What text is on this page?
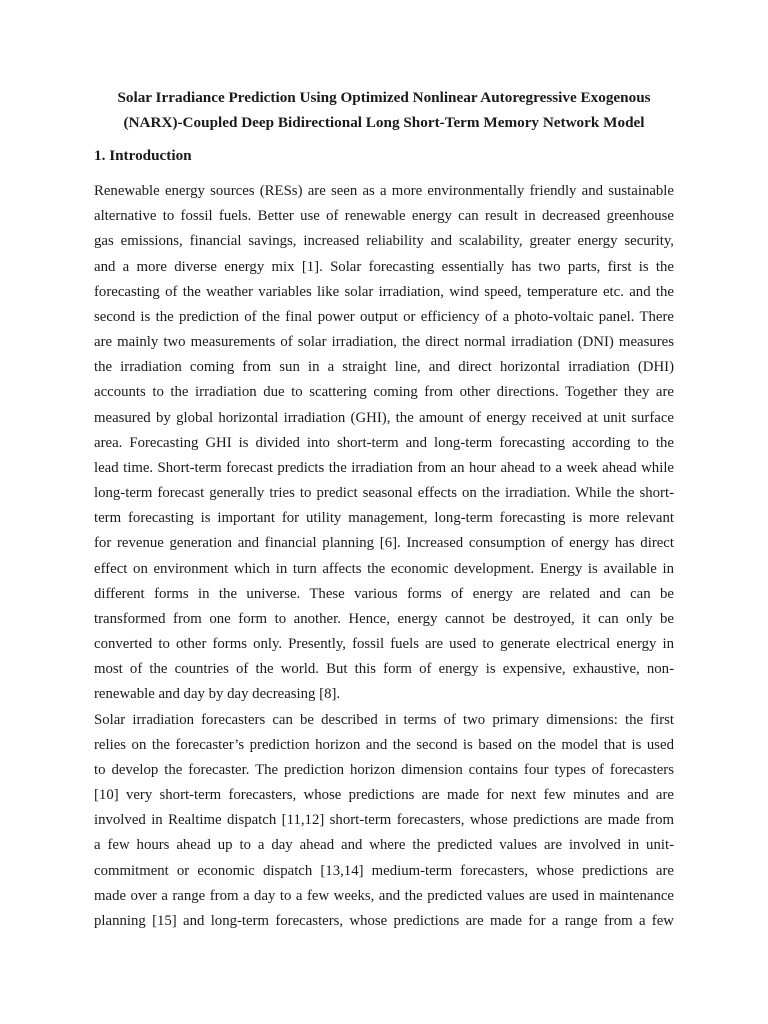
Solar Irradiance Prediction Using Optimized Nonlinear Autoregressive Exogenous
(NARX)-Coupled Deep Bidirectional Long Short-Term Memory Network Model
1. Introduction
Renewable energy sources (RESs) are seen as a more environmentally friendly and sustainable
alternative to fossil fuels. Better use of renewable energy can result in decreased greenhouse
gas emissions, financial savings, increased reliability and scalability, greater energy security,
and a more diverse energy mix [1]. Solar forecasting essentially has two parts, first is the
forecasting of the weather variables like solar irradiation, wind speed, temperature etc. and the
second is the prediction of the final power output or efficiency of a photo-voltaic panel. There
are mainly two measurements of solar irradiation, the direct normal irradiation (DNI) measures
the irradiation coming from sun in a straight line, and direct horizontal irradiation (DHI)
accounts to the irradiation due to scattering coming from other directions. Together they are
measured by global horizontal irradiation (GHI), the amount of energy received at unit surface
area. Forecasting GHI is divided into short-term and long-term forecasting according to the
lead time. Short-term forecast predicts the irradiation from an hour ahead to a week ahead while
long-term forecast generally tries to predict seasonal effects on the irradiation. While the short-
term forecasting is important for utility management, long-term forecasting is more relevant
for revenue generation and financial planning [6]. Increased consumption of energy has direct
effect on environment which in turn affects the economic development. Energy is available in
different forms in the universe. These various forms of energy are related and can be
transformed from one form to another. Hence, energy cannot be destroyed, it can only be
converted to other forms only. Presently, fossil fuels are used to generate electrical energy in
most of the countries of the world. But this form of energy is expensive, exhaustive, non-
renewable and day by day decreasing [8].
Solar irradiation forecasters can be described in terms of two primary dimensions: the first
relies on the forecaster’s prediction horizon and the second is based on the model that is used
to develop the forecaster. The prediction horizon dimension contains four types of forecasters
[10] very short-term forecasters, whose predictions are made for next few minutes and are
involved in Realtime dispatch [11,12] short-term forecasters, whose predictions are made from
a few hours ahead up to a day ahead and where the predicted values are involved in unit-
commitment or economic dispatch [13,14] medium-term forecasters, whose predictions are
made over a range from a day to a few weeks, and the predicted values are used in maintenance
planning [15] and long-term forecasters, whose predictions are made for a range from a few
